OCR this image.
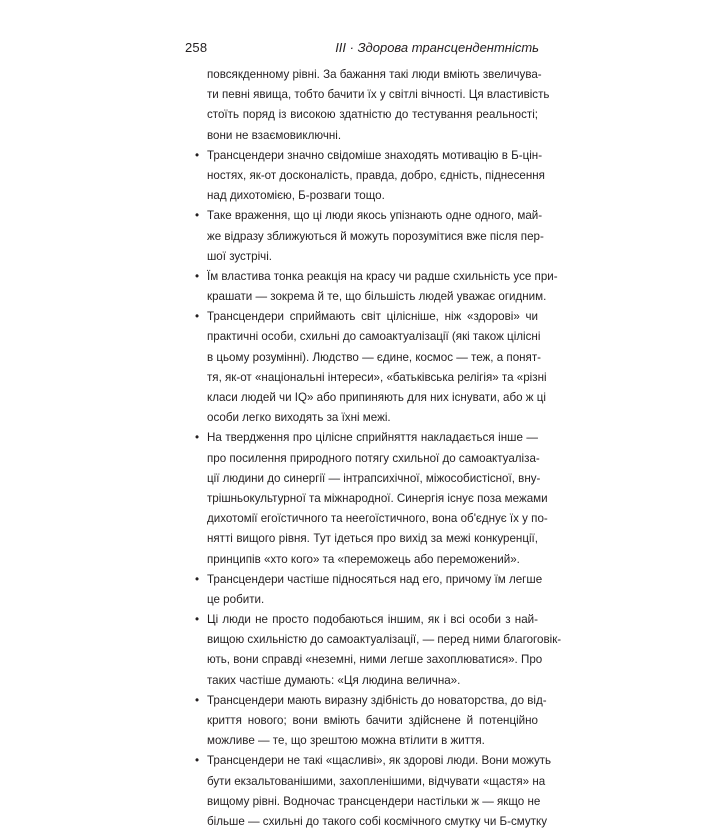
258	III · Здорова трансцендентність
повсякденному рівні. За бажання такі люди вміють звеличува-
ти певні явища, тобто бачити їх у світлі вічності. Ця властивість
стоїть поряд із високою здатністю до тестування реальності;
вони не взаємовиключні.
• Трансцендери значно свідоміше знаходять мотивацію в Б-цін-
ностях, як-от досконалість, правда, добро, єдність, піднесення
над дихотомією, Б-розваги тощо.
• Таке враження, що ці люди якось упізнають одне одного, май-
же відразу зближуються й можуть порозумітися вже після пер-
шої зустрічі.
• Їм властива тонка реакція на красу чи радше схильність усе при-
крашати — зокрема й те, що більшість людей уважає огидним.
• Трансцендери сприймають світ цілісніше, ніж «здорові» чи
практичні особи, схильні до самоактуалізації (які також цілісні
в цьому розумінні). Людство — єдине, космос — теж, а понят-
тя, як-от «національні інтереси», «батьківська релігія» та «різні
класи людей чи IQ» або припиняють для них існувати, або ж ці
особи легко виходять за їхні межі.
• На твердження про цілісне сприйняття накладається інше —
про посилення природного потягу схильної до самоактуаліза-
ції людини до синергії — інтрапсихічної, міжособистісної, вну-
трішньокультурної та міжнародної. Синергія існує поза межами
дихотомії егоїстичного та неегоїстичного, вона об'єднує їх у по-
нятті вищого рівня. Тут ідеться про вихід за межі конкуренції,
принципів «хто кого» та «переможець або переможений».
• Трансцендери частіше підносяться над его, причому їм легше
це робити.
• Ці люди не просто подобаються іншим, як і всі особи з най-
вищою схильністю до самоактуалізації, — перед ними благоговік-
ють, вони справді «неземні, ними легше захоплюватися». Про
таких частіше думають: «Ця людина велична».
• Трансцендери мають виразну здібність до новаторства, до від-
криття нового; вони вміють бачити здійснене й потенційно
можливе — те, що зрештою можна втілити в життя.
• Трансцендери не такі «щасливі», як здорові люди. Вони можуть
бути екзальтованішими, захопленішими, відчувати «щастя» на
вищому рівні. Водночас трансцендери настільки ж — якщо не
більше — схильні до такого собі космічного смутку чи Б-смутку
